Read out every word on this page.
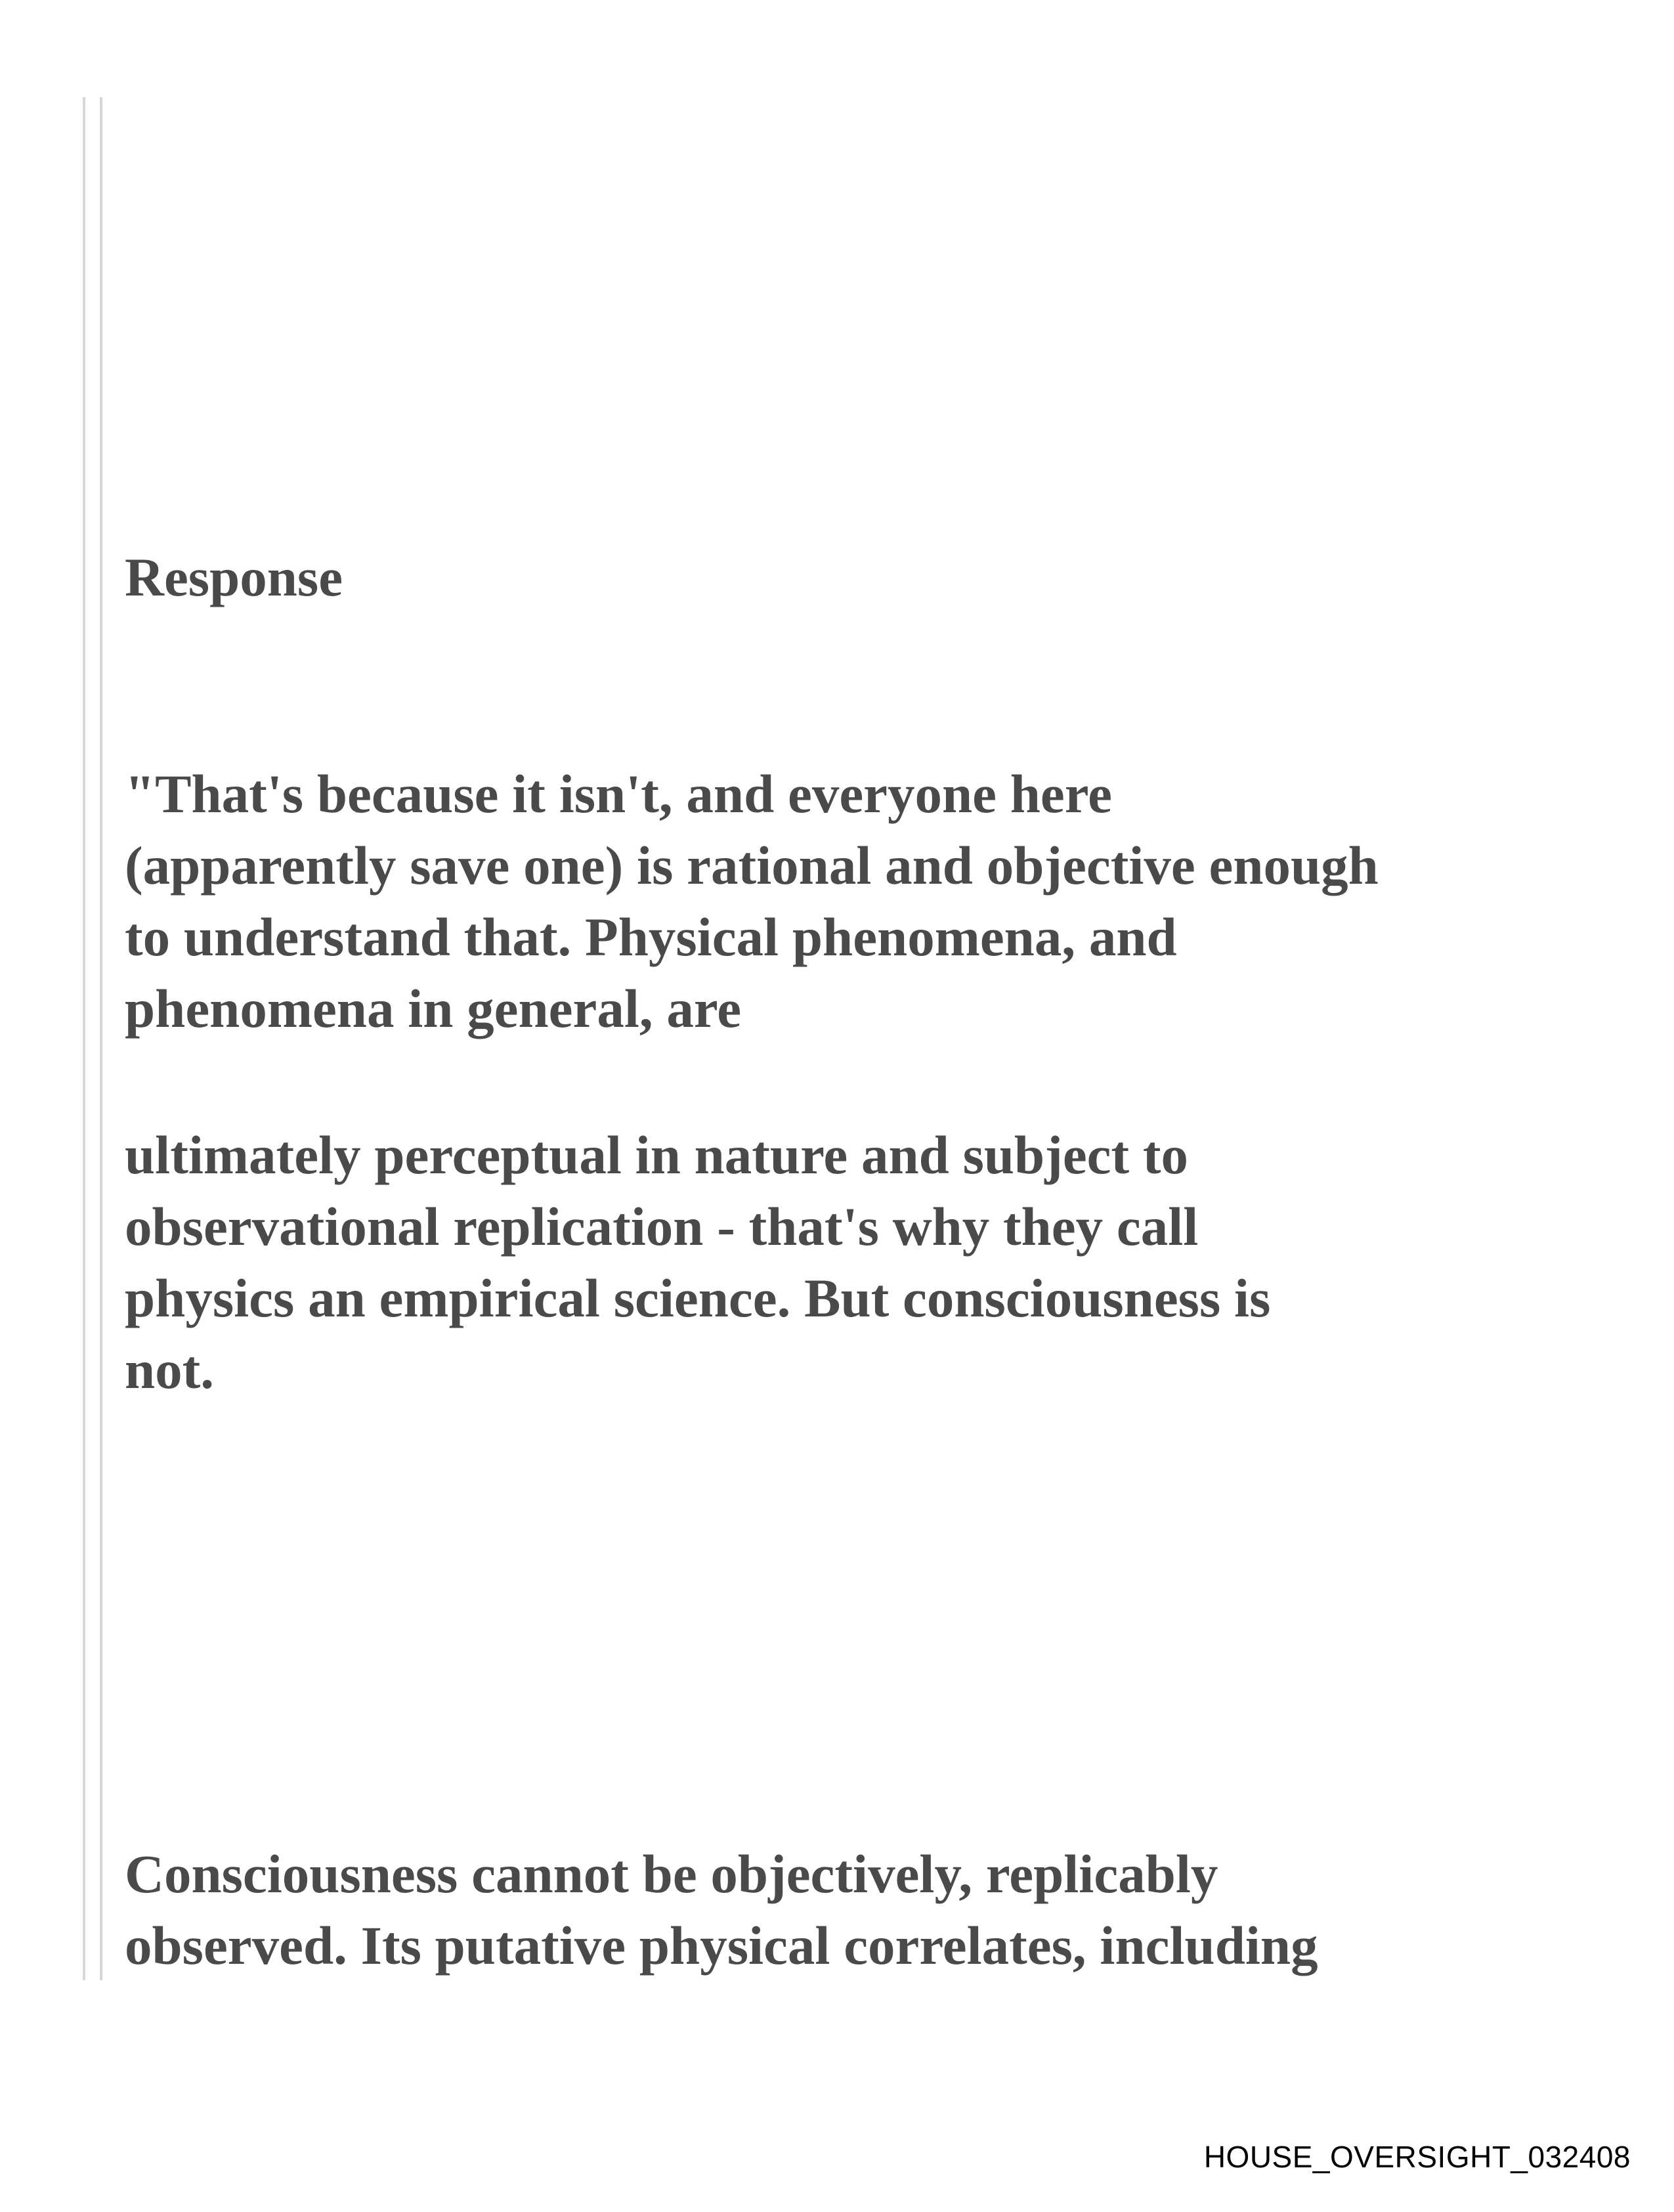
Response

"That's because it isn't, and everyone here
(apparently save one) is rational and objective enough
to understand that. Physical phenomena, and
phenomena in general, are

ultimately perceptual in nature and subject to
observational replication - that's why they call
physics an empirical science. But consciousness is
not.

Consciousness cannot be objectively, replicably
observed. Its putative physical correlates, including

HOUSE_OVERSIGHT_032408
